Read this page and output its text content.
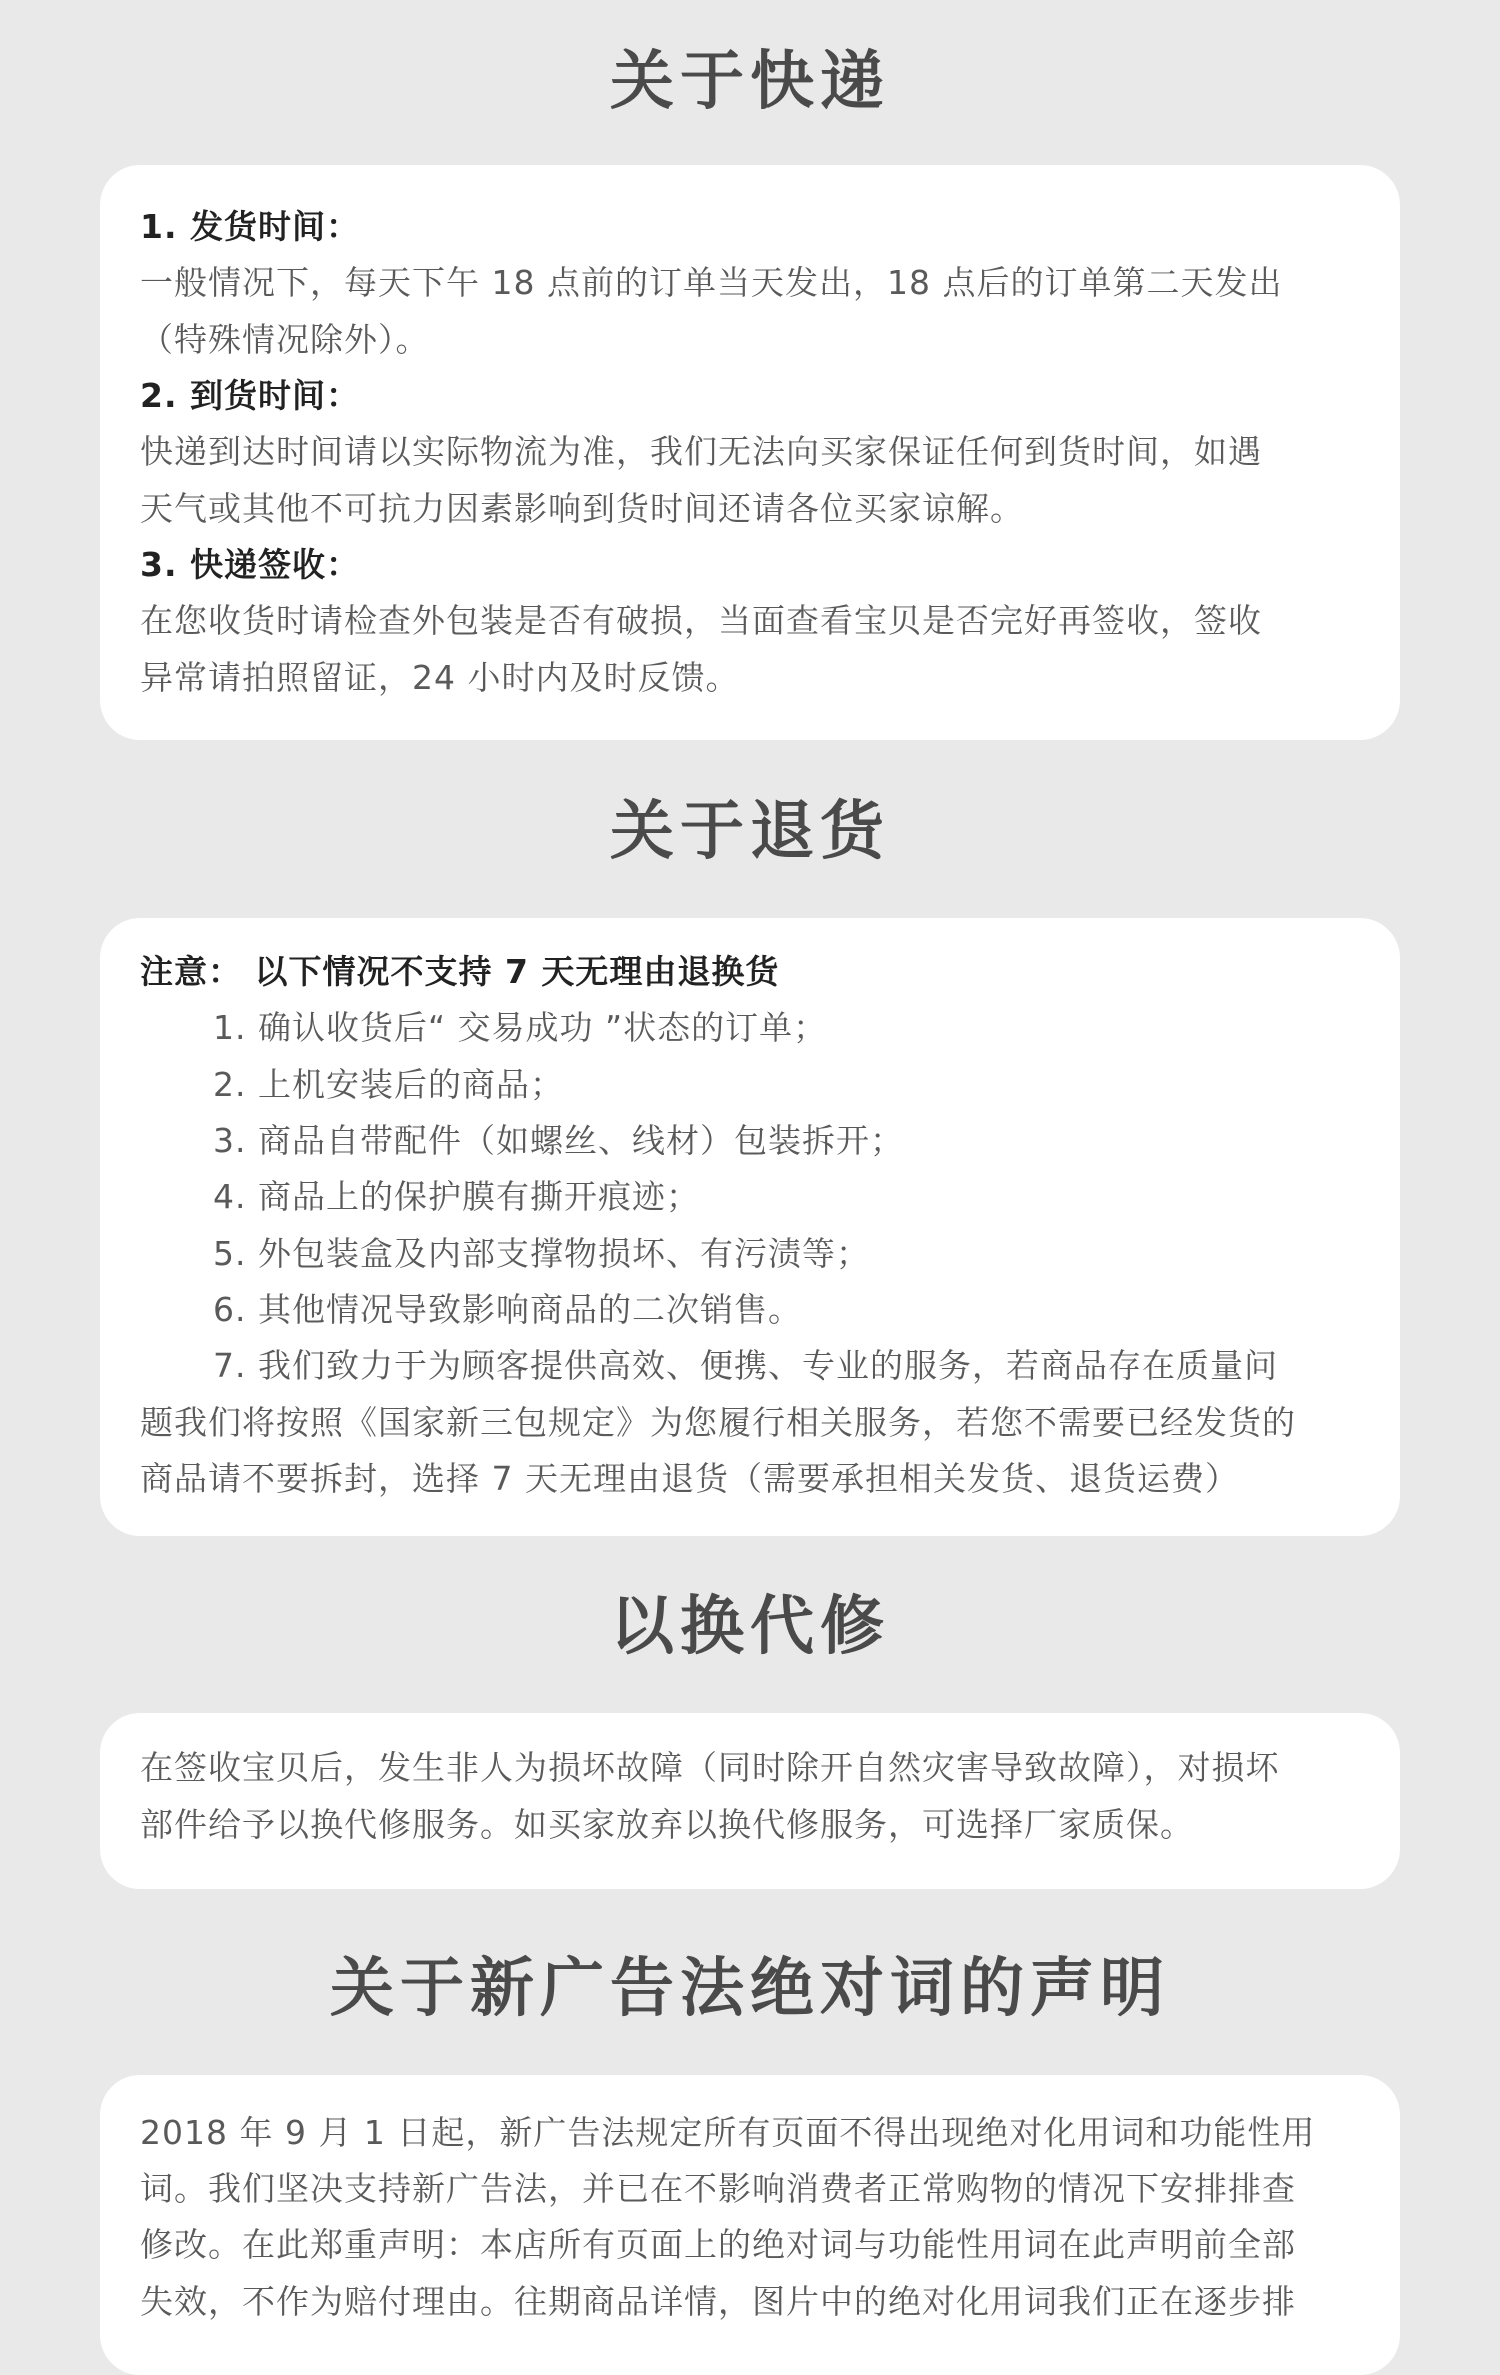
关于快递
1. 发货时间：
一般情况下，每天下午 18 点前的订单当天发出，18 点后的订单第二天发出
（特殊情况除外）。
2. 到货时间：
快递到达时间请以实际物流为准，我们无法向买家保证任何到货时间，如遇
天气或其他不可抗力因素影响到货时间还请各位买家谅解。
3. 快递签收：
在您收货时请检查外包装是否有破损，当面查看宝贝是否完好再签收，签收
异常请拍照留证，24 小时内及时反馈。
关于退货
注意： 以下情况不支持 7 天无理由退换货
1. 确认收货后“ 交易成功 ”状态的订单；
2. 上机安装后的商品；
3. 商品自带配件（如螺丝、线材）包装拆开；
4. 商品上的保护膜有撕开痕迹；
5. 外包装盒及内部支撑物损坏、有污渍等；
6. 其他情况导致影响商品的二次销售。
7. 我们致力于为顾客提供高效、便携、专业的服务，若商品存在质量问
题我们将按照《国家新三包规定》为您履行相关服务，若您不需要已经发货的
商品请不要拆封，选择 7 天无理由退货（需要承担相关发货、退货运费）
以换代修
在签收宝贝后，发生非人为损坏故障（同时除开自然灾害导致故障），对损坏
部件给予以换代修服务。如买家放弃以换代修服务，可选择厂家质保。
关于新广告法绝对词的声明
2018 年 9 月 1 日起，新广告法规定所有页面不得出现绝对化用词和功能性用
词。我们坚决支持新广告法，并已在不影响消费者正常购物的情况下安排排查
修改。在此郑重声明：本店所有页面上的绝对词与功能性用词在此声明前全部
失效，不作为赔付理由。往期商品详情，图片中的绝对化用词我们正在逐步排
